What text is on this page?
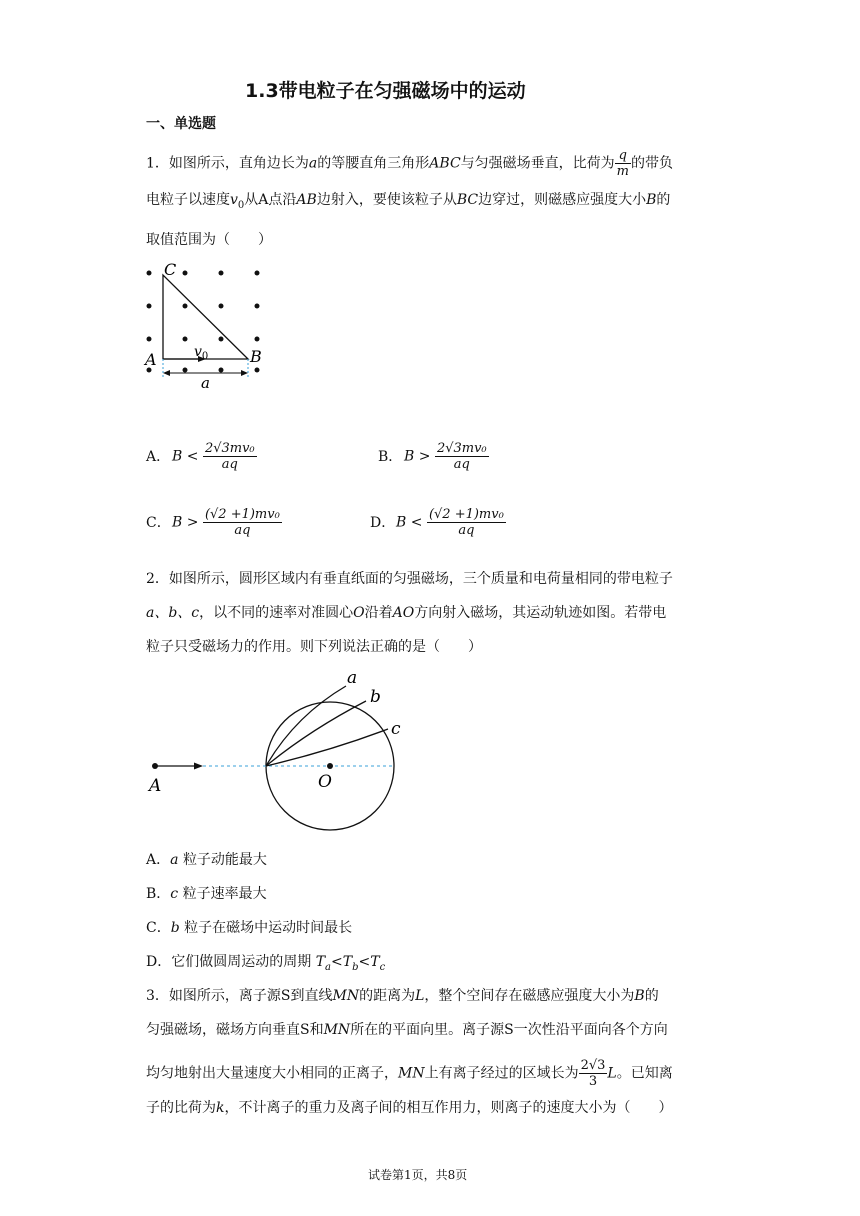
1.3带电粒子在匀强磁场中的运动
一、单选题
1．如图所示，直角边长为a的等腰直角三角形ABC与匀强磁场垂直，比荷为 $\frac{q}{m}$ 的带负
电粒子以速度$v_0$从A点沿AB边射入，要使该粒子从BC边穿过，则磁感应强度大小B的
取值范围为（　　）
C
A	B
$v_0$
a
A． $B < \frac{\text{2√3mv₀}}{aq}$	B． $B > \frac{\text{2√3mv₀}}{aq}$
C．$B > \frac{\text{(√2 +1)mv₀}}{aq}$	D．$B < \frac{\text{(√2 +1)mv₀}}{aq}$
2．如图所示，圆形区域内有垂直纸面的匀强磁场，三个质量和电荷量相同的带电粒子
a、b、c，以不同的速率对准圆心O沿着AO方向射入磁场，其运动轨迹如图。若带电
粒子只受磁场力的作用。则下列说法正确的是（　　）
a
b
c
A	O
A．a 粒子动能最大
B．c 粒子速率最大
C．b 粒子在磁场中运动时间最长
D．它们做圆周运动的周期 $T_a<T_b<T_c$
3．如图所示，离子源S到直线MN的距离为L，整个空间存在磁感应强度大小为B的
匀强磁场，磁场方向垂直S和MN所在的平面向里。离子源S一次性沿平面向各个方向
均匀地射出大量速度大小相同的正离子，MN上有离子经过的区域长为 $\frac{2√3}{3}$ L。已知离
子的比荷为k，不计离子的重力及离子间的相互作用力，则离子的速度大小为（　　）
试卷第1页，共8页
